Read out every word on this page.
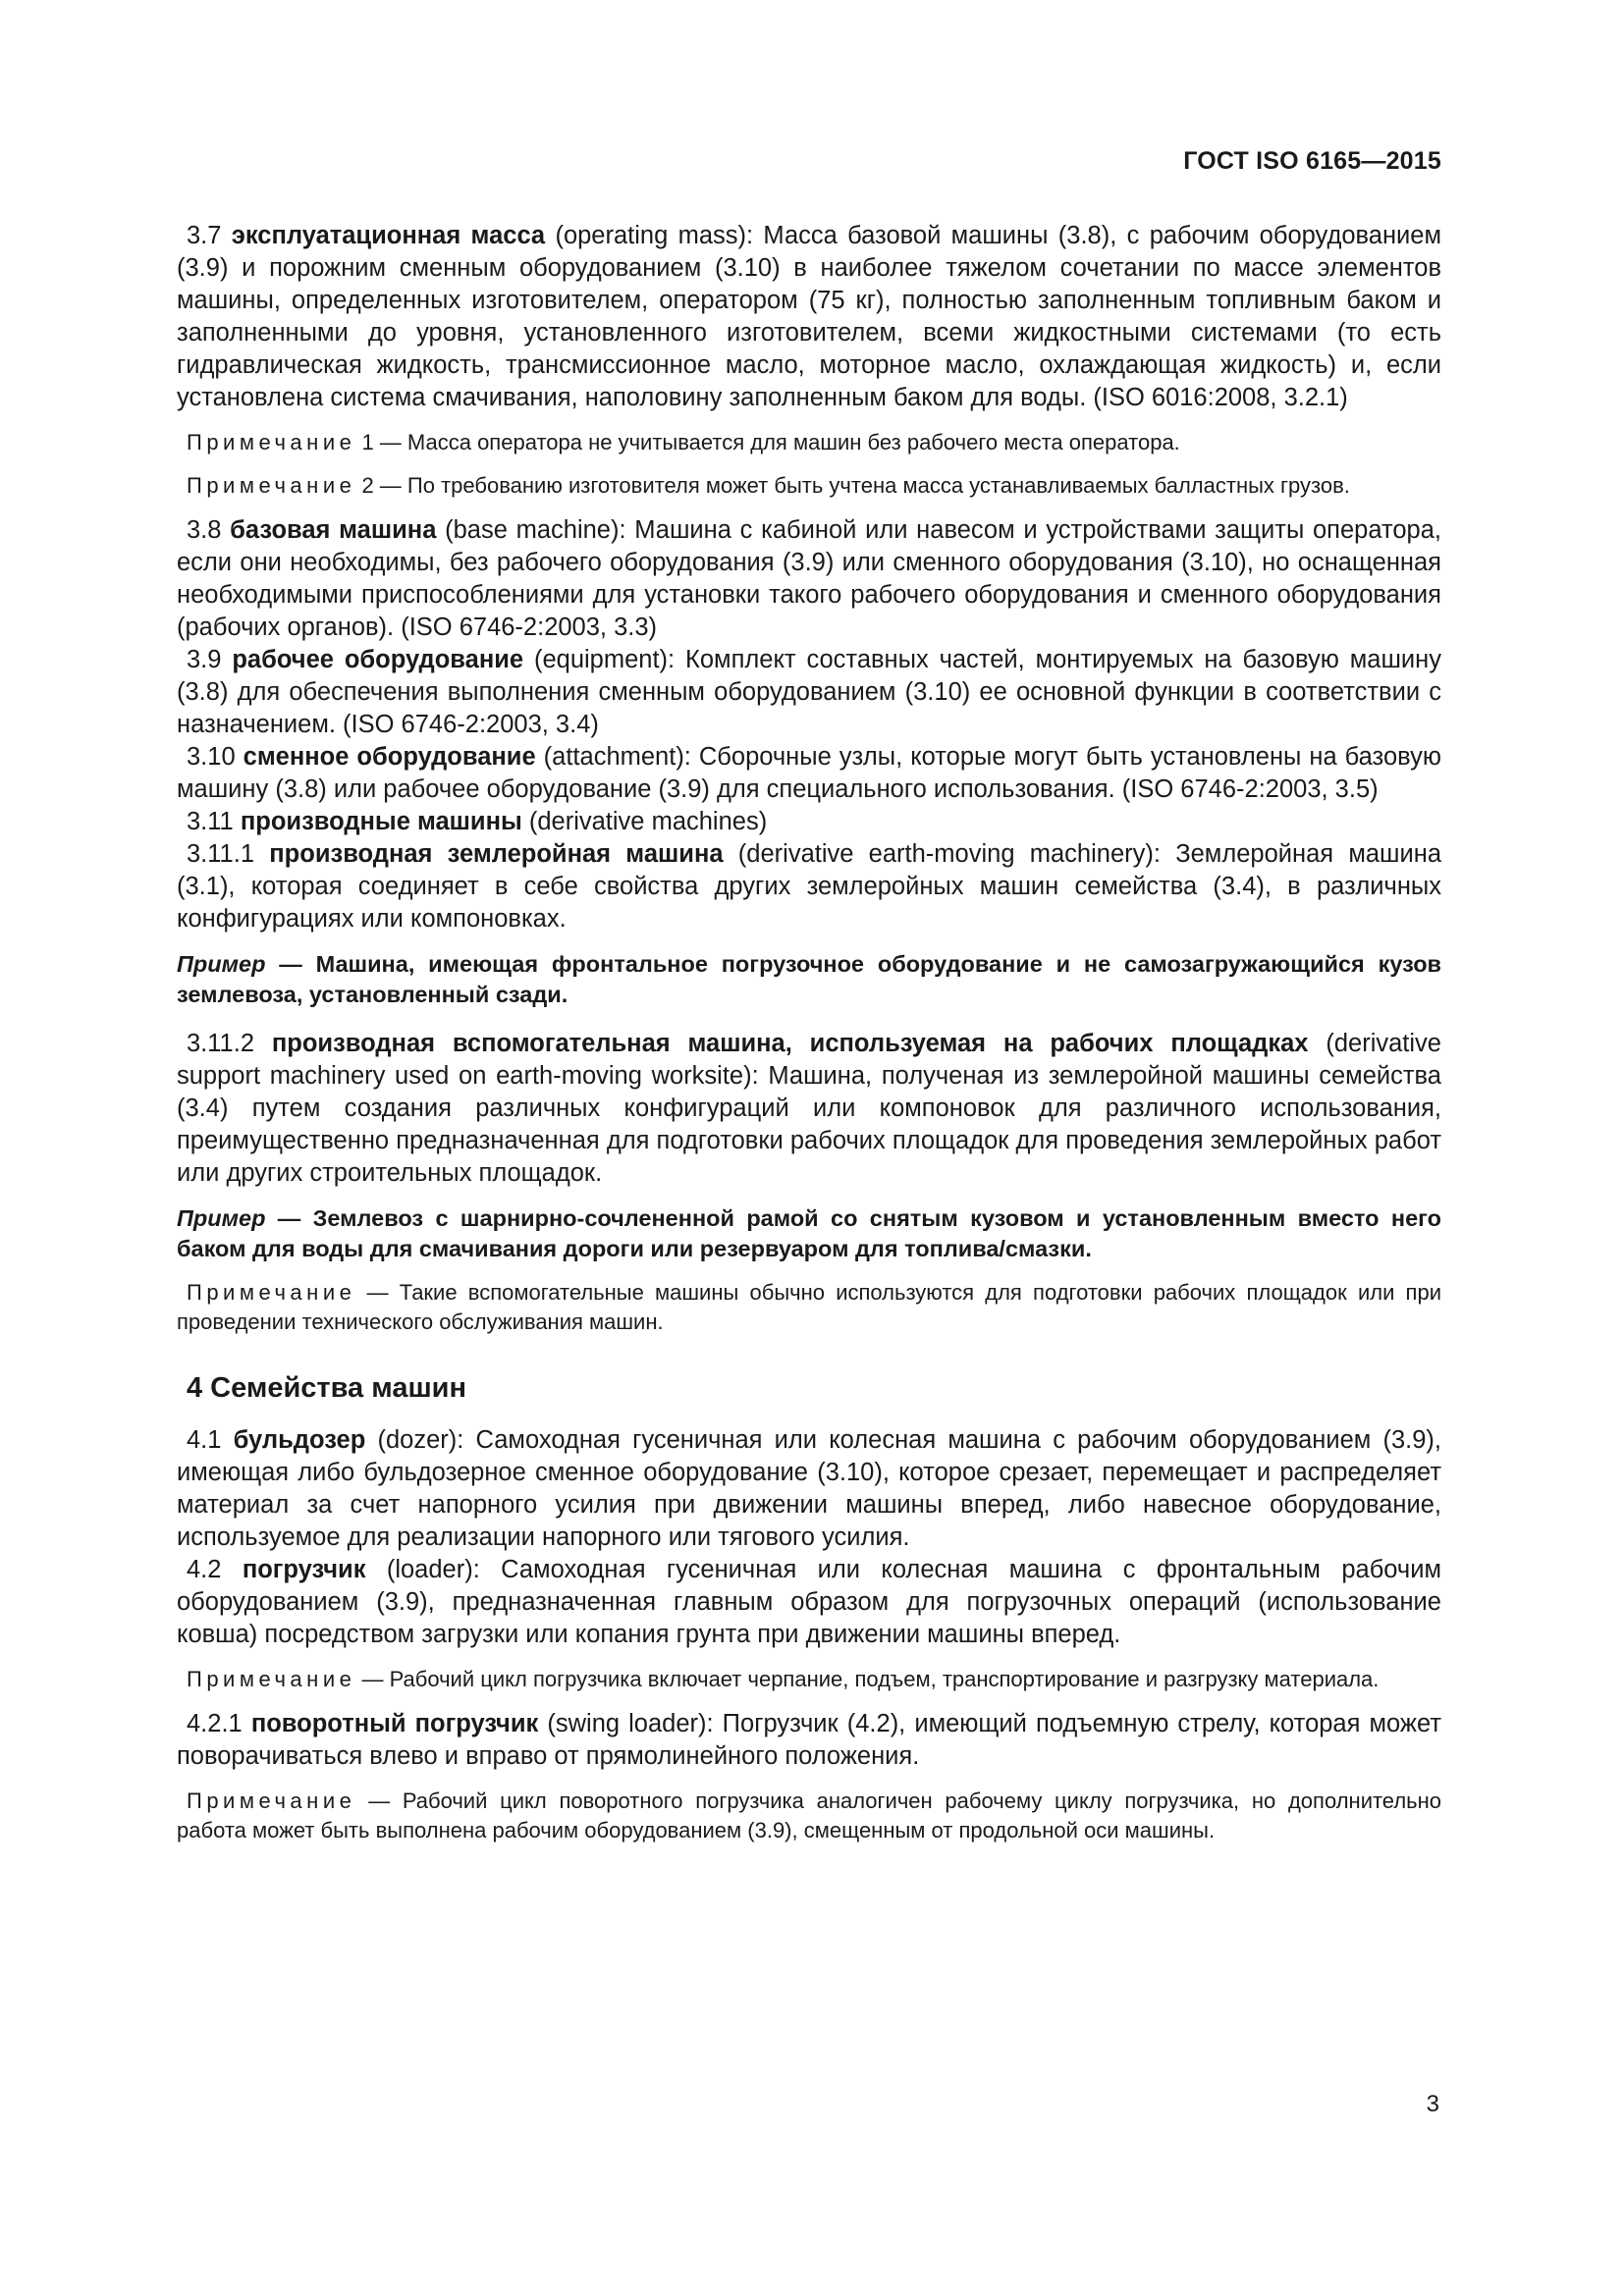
ГОСТ ISO 6165—2015

3.7 эксплуатационная масса (operating mass): Масса базовой машины (3.8), с рабочим оборудованием (3.9) и порожним сменным оборудованием (3.10) в наиболее тяжелом сочетании по массе элементов машины, определенных изготовителем, оператором (75 кг), полностью заполненным топливным баком и заполненными до уровня, установленного изготовителем, всеми жидкостными системами (то есть гидравлическая жидкость, трансмиссионное масло, моторное масло, охлаждающая жидкость) и, если установлена система смачивания, наполовину заполненным баком для воды. (ISO 6016:2008, 3.2.1)

Примечание 1 — Масса оператора не учитывается для машин без рабочего места оператора.

Примечание 2 — По требованию изготовителя может быть учтена масса устанавливаемых балластных грузов.

3.8 базовая машина (base machine): Машина с кабиной или навесом и устройствами защиты оператора, если они необходимы, без рабочего оборудования (3.9) или сменного оборудования (3.10), но оснащенная необходимыми приспособлениями для установки такого рабочего оборудования и сменного оборудования (рабочих органов). (ISO 6746-2:2003, 3.3)

3.9 рабочее оборудование (equipment): Комплект составных частей, монтируемых на базовую машину (3.8) для обеспечения выполнения сменным оборудованием (3.10) ее основной функции в соответствии с назначением. (ISO 6746-2:2003, 3.4)

3.10 сменное оборудование (attachment): Сборочные узлы, которые могут быть установлены на базовую машину (3.8) или рабочее оборудование (3.9) для специального использования. (ISO 6746-2:2003, 3.5)

3.11 производные машины (derivative machines)

3.11.1 производная землеройная машина (derivative earth-moving machinery): Землеройная машина (3.1), которая соединяет в себе свойства других землеройных машин семейства (3.4), в различных конфигурациях или компоновках.

Пример — Машина, имеющая фронтальное погрузочное оборудование и не самозагружающийся кузов землевоза, установленный сзади.

3.11.2 производная вспомогательная машина, используемая на рабочих площадках (derivative support machinery used on earth-moving worksite): Машина, полученая из землеройной машины семейства (3.4) путем создания различных конфигураций или компоновок для различного использования, преимущественно предназначенная для подготовки рабочих площадок для проведения землеройных работ или других строительных площадок.

Пример — Землевоз с шарнирно-сочлененной рамой со снятым кузовом и установленным вместо него баком для воды для смачивания дороги или резервуаром для топлива/смазки.

Примечание — Такие вспомогательные машины обычно используются для подготовки рабочих площадок или при проведении технического обслуживания машин.

4 Семейства машин

4.1 бульдозер (dozer): Самоходная гусеничная или колесная машина с рабочим оборудованием (3.9), имеющая либо бульдозерное сменное оборудование (3.10), которое срезает, перемещает и распределяет материал за счет напорного усилия при движении машины вперед, либо навесное оборудование, используемое для реализации напорного или тягового усилия.

4.2 погрузчик (loader): Самоходная гусеничная или колесная машина с фронтальным рабочим оборудованием (3.9), предназначенная главным образом для погрузочных операций (использование ковша) посредством загрузки или копания грунта при движении машины вперед.

Примечание — Рабочий цикл погрузчика включает черпание, подъем, транспортирование и разгрузку материала.

4.2.1 поворотный погрузчик (swing loader): Погрузчик (4.2), имеющий подъемную стрелу, которая может поворачиваться влево и вправо от прямолинейного положения.

Примечание — Рабочий цикл поворотного погрузчика аналогичен рабочему циклу погрузчика, но дополнительно работа может быть выполнена рабочим оборудованием (3.9), смещенным от продольной оси машины.

3
